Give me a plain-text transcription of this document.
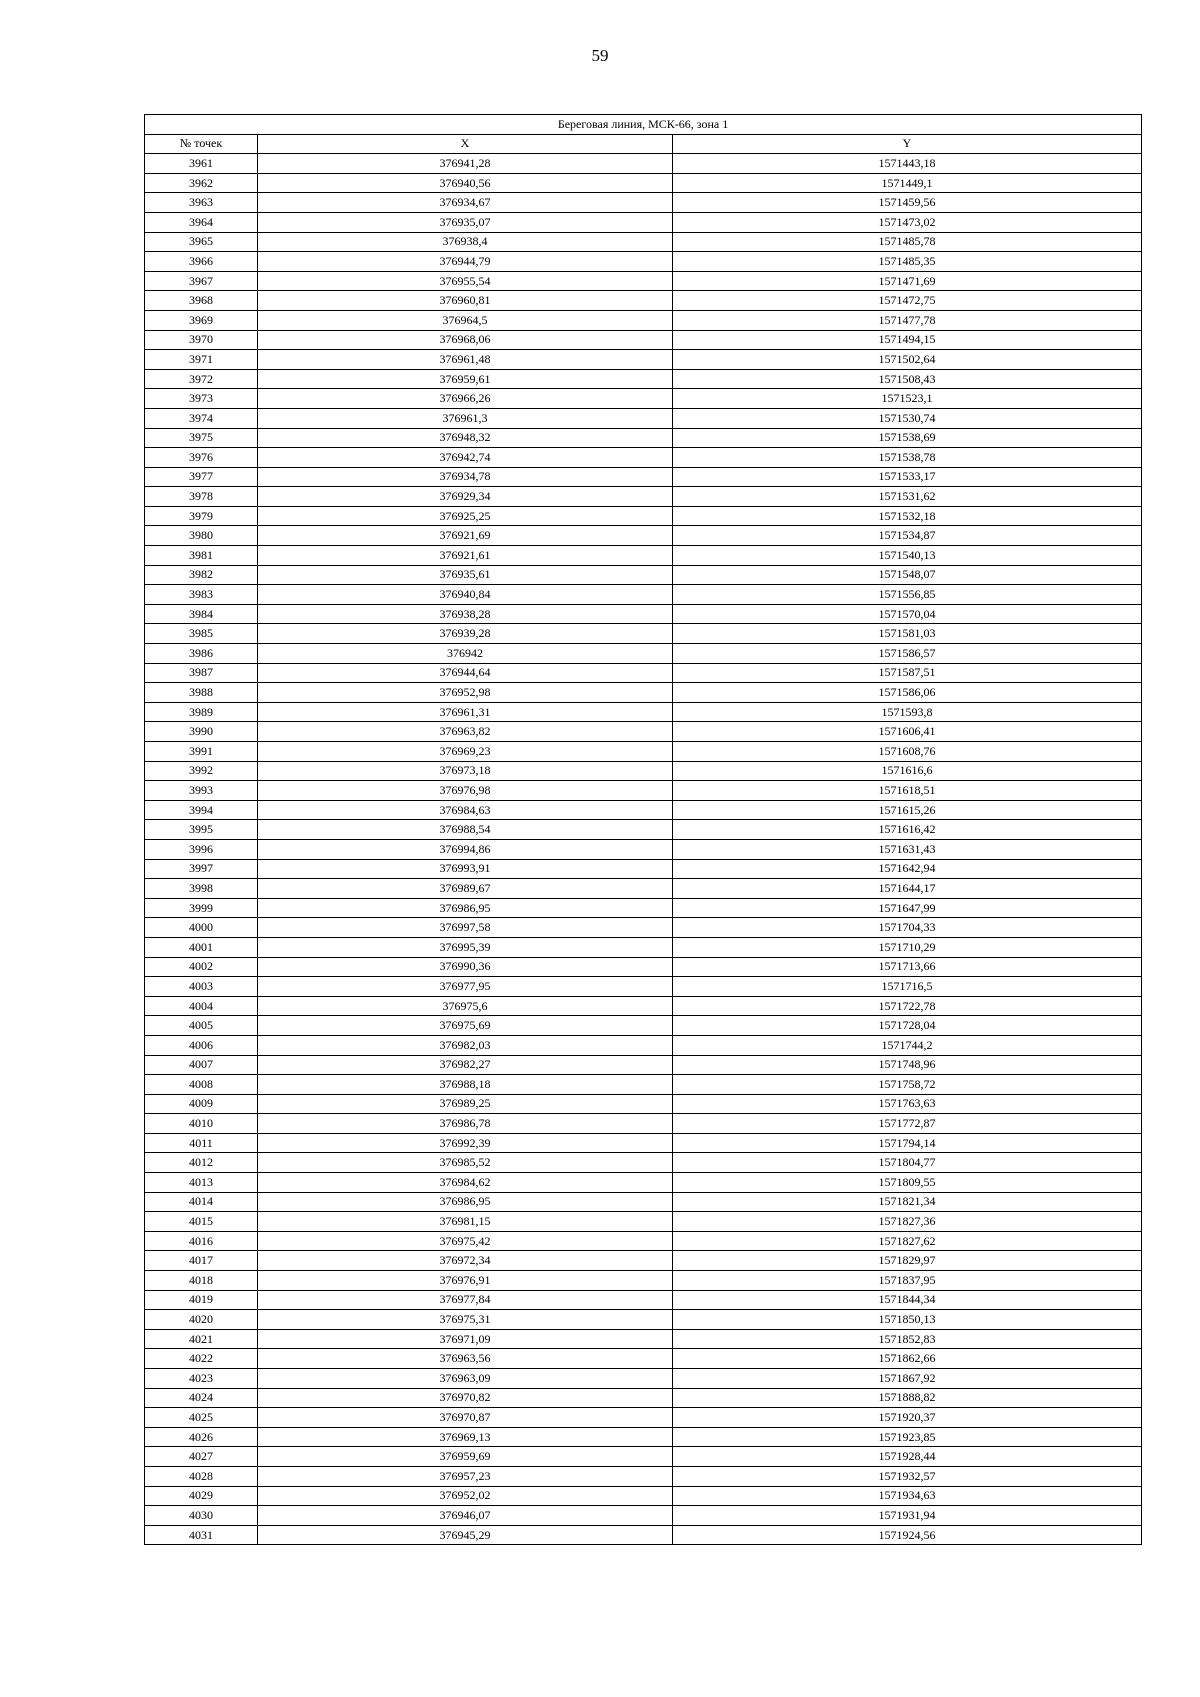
59
Береговая линия, МСК-66, зона 1		
№ точек	X	Y
3961	376941,28	1571443,18
3962	376940,56	1571449,1
3963	376934,67	1571459,56
3964	376935,07	1571473,02
3965	376938,4	1571485,78
3966	376944,79	1571485,35
3967	376955,54	1571471,69
3968	376960,81	1571472,75
3969	376964,5	1571477,78
3970	376968,06	1571494,15
3971	376961,48	1571502,64
3972	376959,61	1571508,43
3973	376966,26	1571523,1
3974	376961,3	1571530,74
3975	376948,32	1571538,69
3976	376942,74	1571538,78
3977	376934,78	1571533,17
3978	376929,34	1571531,62
3979	376925,25	1571532,18
3980	376921,69	1571534,87
3981	376921,61	1571540,13
3982	376935,61	1571548,07
3983	376940,84	1571556,85
3984	376938,28	1571570,04
3985	376939,28	1571581,03
3986	376942	1571586,57
3987	376944,64	1571587,51
3988	376952,98	1571586,06
3989	376961,31	1571593,8
3990	376963,82	1571606,41
3991	376969,23	1571608,76
3992	376973,18	1571616,6
3993	376976,98	1571618,51
3994	376984,63	1571615,26
3995	376988,54	1571616,42
3996	376994,86	1571631,43
3997	376993,91	1571642,94
3998	376989,67	1571644,17
3999	376986,95	1571647,99
4000	376997,58	1571704,33
4001	376995,39	1571710,29
4002	376990,36	1571713,66
4003	376977,95	1571716,5
4004	376975,6	1571722,78
4005	376975,69	1571728,04
4006	376982,03	1571744,2
4007	376982,27	1571748,96
4008	376988,18	1571758,72
4009	376989,25	1571763,63
4010	376986,78	1571772,87
4011	376992,39	1571794,14
4012	376985,52	1571804,77
4013	376984,62	1571809,55
4014	376986,95	1571821,34
4015	376981,15	1571827,36
4016	376975,42	1571827,62
4017	376972,34	1571829,97
4018	376976,91	1571837,95
4019	376977,84	1571844,34
4020	376975,31	1571850,13
4021	376971,09	1571852,83
4022	376963,56	1571862,66
4023	376963,09	1571867,92
4024	376970,82	1571888,82
4025	376970,87	1571920,37
4026	376969,13	1571923,85
4027	376959,69	1571928,44
4028	376957,23	1571932,57
4029	376952,02	1571934,63
4030	376946,07	1571931,94
4031	376945,29	1571924,56
